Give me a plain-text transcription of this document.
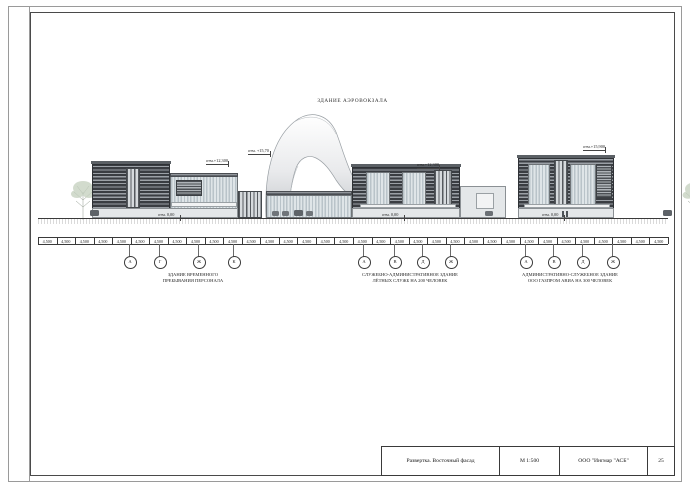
ЗДАНИЕ АЭРОВОКЗАЛА
отм. +15,70
отм.+12,300
отм.+12,300
отм.+15,900
отм. 0,00	отм. 0,00	отм. 0,00
4,500 4,500 4,500 4,500 4,500 4,500 4,500 4,500 4,500 4,500 4,500 4,500 4,500 4,500 4,500 4,500 4,500 4,500 4,500 4,500 4,500 4,500 4,500 4,500 4,500 4,500 4,500 4,500 4,500 4,500 4,500 4,500 4,500 4,500
А	Г	Ж	К	А	В	Д	Ж	А	В	Д	Ж
ЗДАНИЕ ВРЕМЕННОГО
ПРЕБЫВАНИЯ ПЕРСОНАЛА
СЛУЖЕБНО-АДМИНИСТРАТИВНОЕ ЗДАНИЕ
ЛЁТНЫХ СЛУЖБ НА 200 ЧЕЛОВЕК
АДМИНИСТРАТИВНО-СЛУЖЕБНОЕ ЗДАНИЕ
ООО ГАЗПРОМ АВИА НА 300 ЧЕЛОВЕК
Развертка. Восточный фасад	М 1:500	ООО "Ингмар "АСБ"	25
